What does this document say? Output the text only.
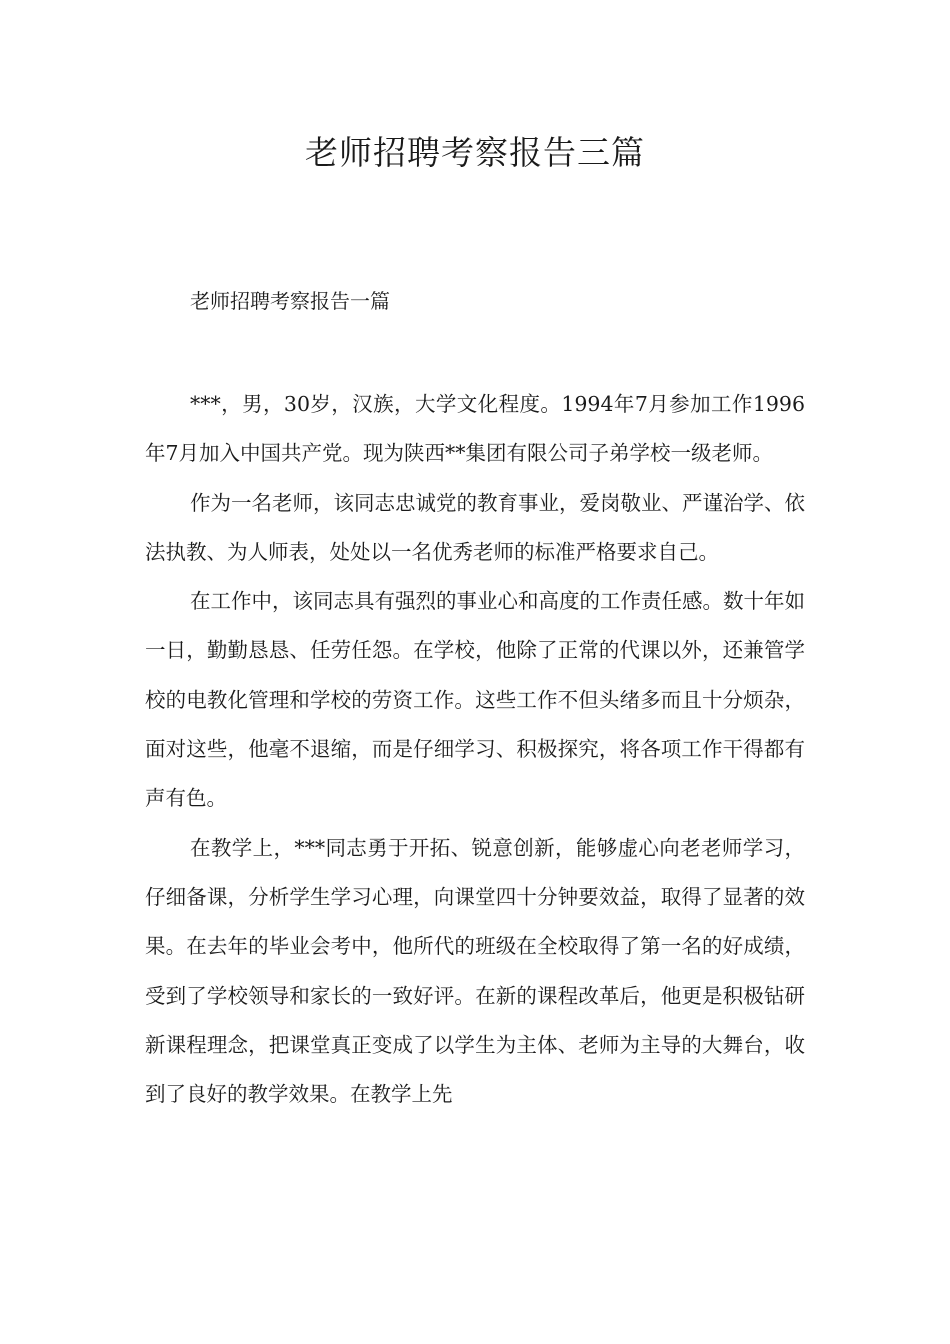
老师招聘考察报告三篇
老师招聘考察报告一篇

***，男，30岁，汉族，大学文化程度。1994年7月参加工作1996年7月加入中国共产党。现为陕西**集团有限公司子弟学校一级老师。

作为一名老师，该同志忠诚党的教育事业，爱岗敬业、严谨治学、依法执教、为人师表，处处以一名优秀老师的标准严格要求自己。

在工作中，该同志具有强烈的事业心和高度的工作责任感。数十年如一日，勤勤恳恳、任劳任怨。在学校，他除了正常的代课以外，还兼管学校的电教化管理和学校的劳资工作。这些工作不但头绪多而且十分烦杂，面对这些，他毫不退缩，而是仔细学习、积极探究，将各项工作干得都有声有色。

在教学上，***同志勇于开拓、锐意创新，能够虚心向老老师学习，仔细备课，分析学生学习心理，向课堂四十分钟要效益，取得了显著的效果。在去年的毕业会考中，他所代的班级在全校取得了第一名的好成绩，受到了学校领导和家长的一致好评。在新的课程改革后，他更是积极钻研新课程理念，把课堂真正变成了以学生为主体、老师为主导的大舞台，收到了良好的教学效果。在教学上先
